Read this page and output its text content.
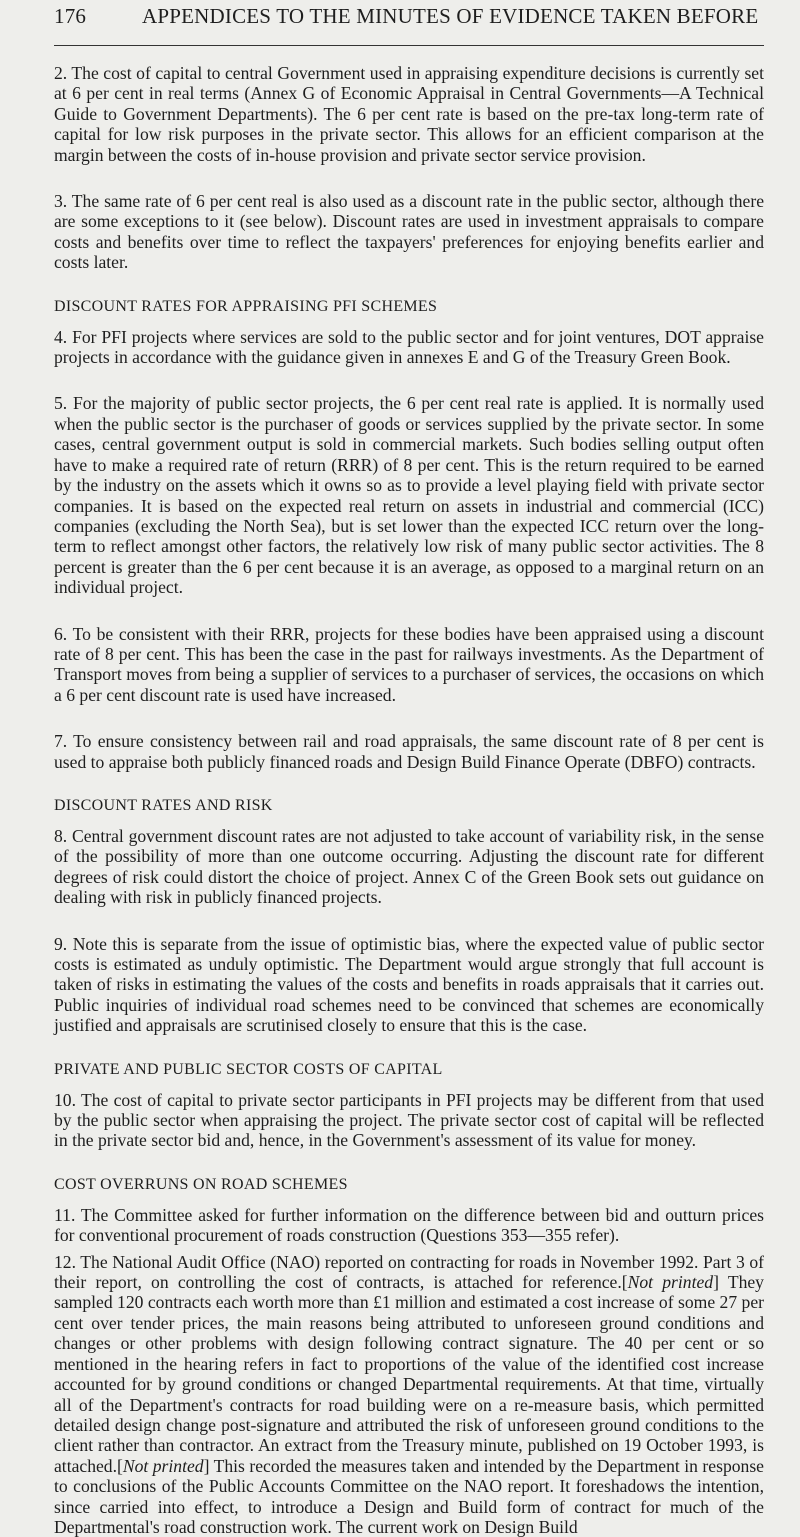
176	APPENDICES TO THE MINUTES OF EVIDENCE TAKEN BEFORE

2. The cost of capital to central Government used in appraising expenditure decisions is currently set at 6 per cent in real terms (Annex G of Economic Appraisal in Central Governments—A Technical Guide to Government Departments). The 6 per cent rate is based on the pre-tax long-term rate of capital for low risk purposes in the private sector. This allows for an efficient comparison at the margin between the costs of in-house provision and private sector service provision.

3. The same rate of 6 per cent real is also used as a discount rate in the public sector, although there are some exceptions to it (see below). Discount rates are used in investment appraisals to compare costs and benefits over time to reflect the taxpayers' preferences for enjoying benefits earlier and costs later.

DISCOUNT RATES FOR APPRAISING PFI SCHEMES

4. For PFI projects where services are sold to the public sector and for joint ventures, DOT appraise projects in accordance with the guidance given in annexes E and G of the Treasury Green Book.

5. For the majority of public sector projects, the 6 per cent real rate is applied. It is normally used when the public sector is the purchaser of goods or services supplied by the private sector. In some cases, central government output is sold in commercial markets. Such bodies selling output often have to make a required rate of return (RRR) of 8 per cent. This is the return required to be earned by the industry on the assets which it owns so as to provide a level playing field with private sector companies. It is based on the expected real return on assets in industrial and commercial (ICC) companies (excluding the North Sea), but is set lower than the expected ICC return over the long-term to reflect amongst other factors, the relatively low risk of many public sector activities. The 8 percent is greater than the 6 per cent because it is an average, as opposed to a marginal return on an individual project.

6. To be consistent with their RRR, projects for these bodies have been appraised using a discount rate of 8 per cent. This has been the case in the past for railways investments. As the Department of Transport moves from being a supplier of services to a purchaser of services, the occasions on which a 6 per cent discount rate is used have increased.

7. To ensure consistency between rail and road appraisals, the same discount rate of 8 per cent is used to appraise both publicly financed roads and Design Build Finance Operate (DBFO) contracts.

DISCOUNT RATES AND RISK

8. Central government discount rates are not adjusted to take account of variability risk, in the sense of the possibility of more than one outcome occurring. Adjusting the discount rate for different degrees of risk could distort the choice of project. Annex C of the Green Book sets out guidance on dealing with risk in publicly financed projects.

9. Note this is separate from the issue of optimistic bias, where the expected value of public sector costs is estimated as unduly optimistic. The Department would argue strongly that full account is taken of risks in estimating the values of the costs and benefits in roads appraisals that it carries out. Public inquiries of individual road schemes need to be convinced that schemes are economically justified and appraisals are scrutinised closely to ensure that this is the case.

PRIVATE AND PUBLIC SECTOR COSTS OF CAPITAL

10. The cost of capital to private sector participants in PFI projects may be different from that used by the public sector when appraising the project. The private sector cost of capital will be reflected in the private sector bid and, hence, in the Government's assessment of its value for money.

COST OVERRUNS ON ROAD SCHEMES

11. The Committee asked for further information on the difference between bid and outturn prices for conventional procurement of roads construction (Questions 353—355 refer).

12. The National Audit Office (NAO) reported on contracting for roads in November 1992. Part 3 of their report, on controlling the cost of contracts, is attached for reference.[Not printed] They sampled 120 contracts each worth more than £1 million and estimated a cost increase of some 27 per cent over tender prices, the main reasons being attributed to unforeseen ground conditions and changes or other problems with design following contract signature. The 40 per cent or so mentioned in the hearing refers in fact to proportions of the value of the identified cost increase accounted for by ground conditions or changed Departmental requirements. At that time, virtually all of the Department's contracts for road building were on a re-measure basis, which permitted detailed design change post-signature and attributed the risk of unforeseen ground conditions to the client rather than contractor. An extract from the Treasury minute, published on 19 October 1993, is attached.[Not printed] This recorded the measures taken and intended by the Department in response to conclusions of the Public Accounts Committee on the NAO report. It foreshadows the intention, since carried into effect, to introduce a Design and Build form of contract for much of the Departmental's road construction work. The current work on Design Build
